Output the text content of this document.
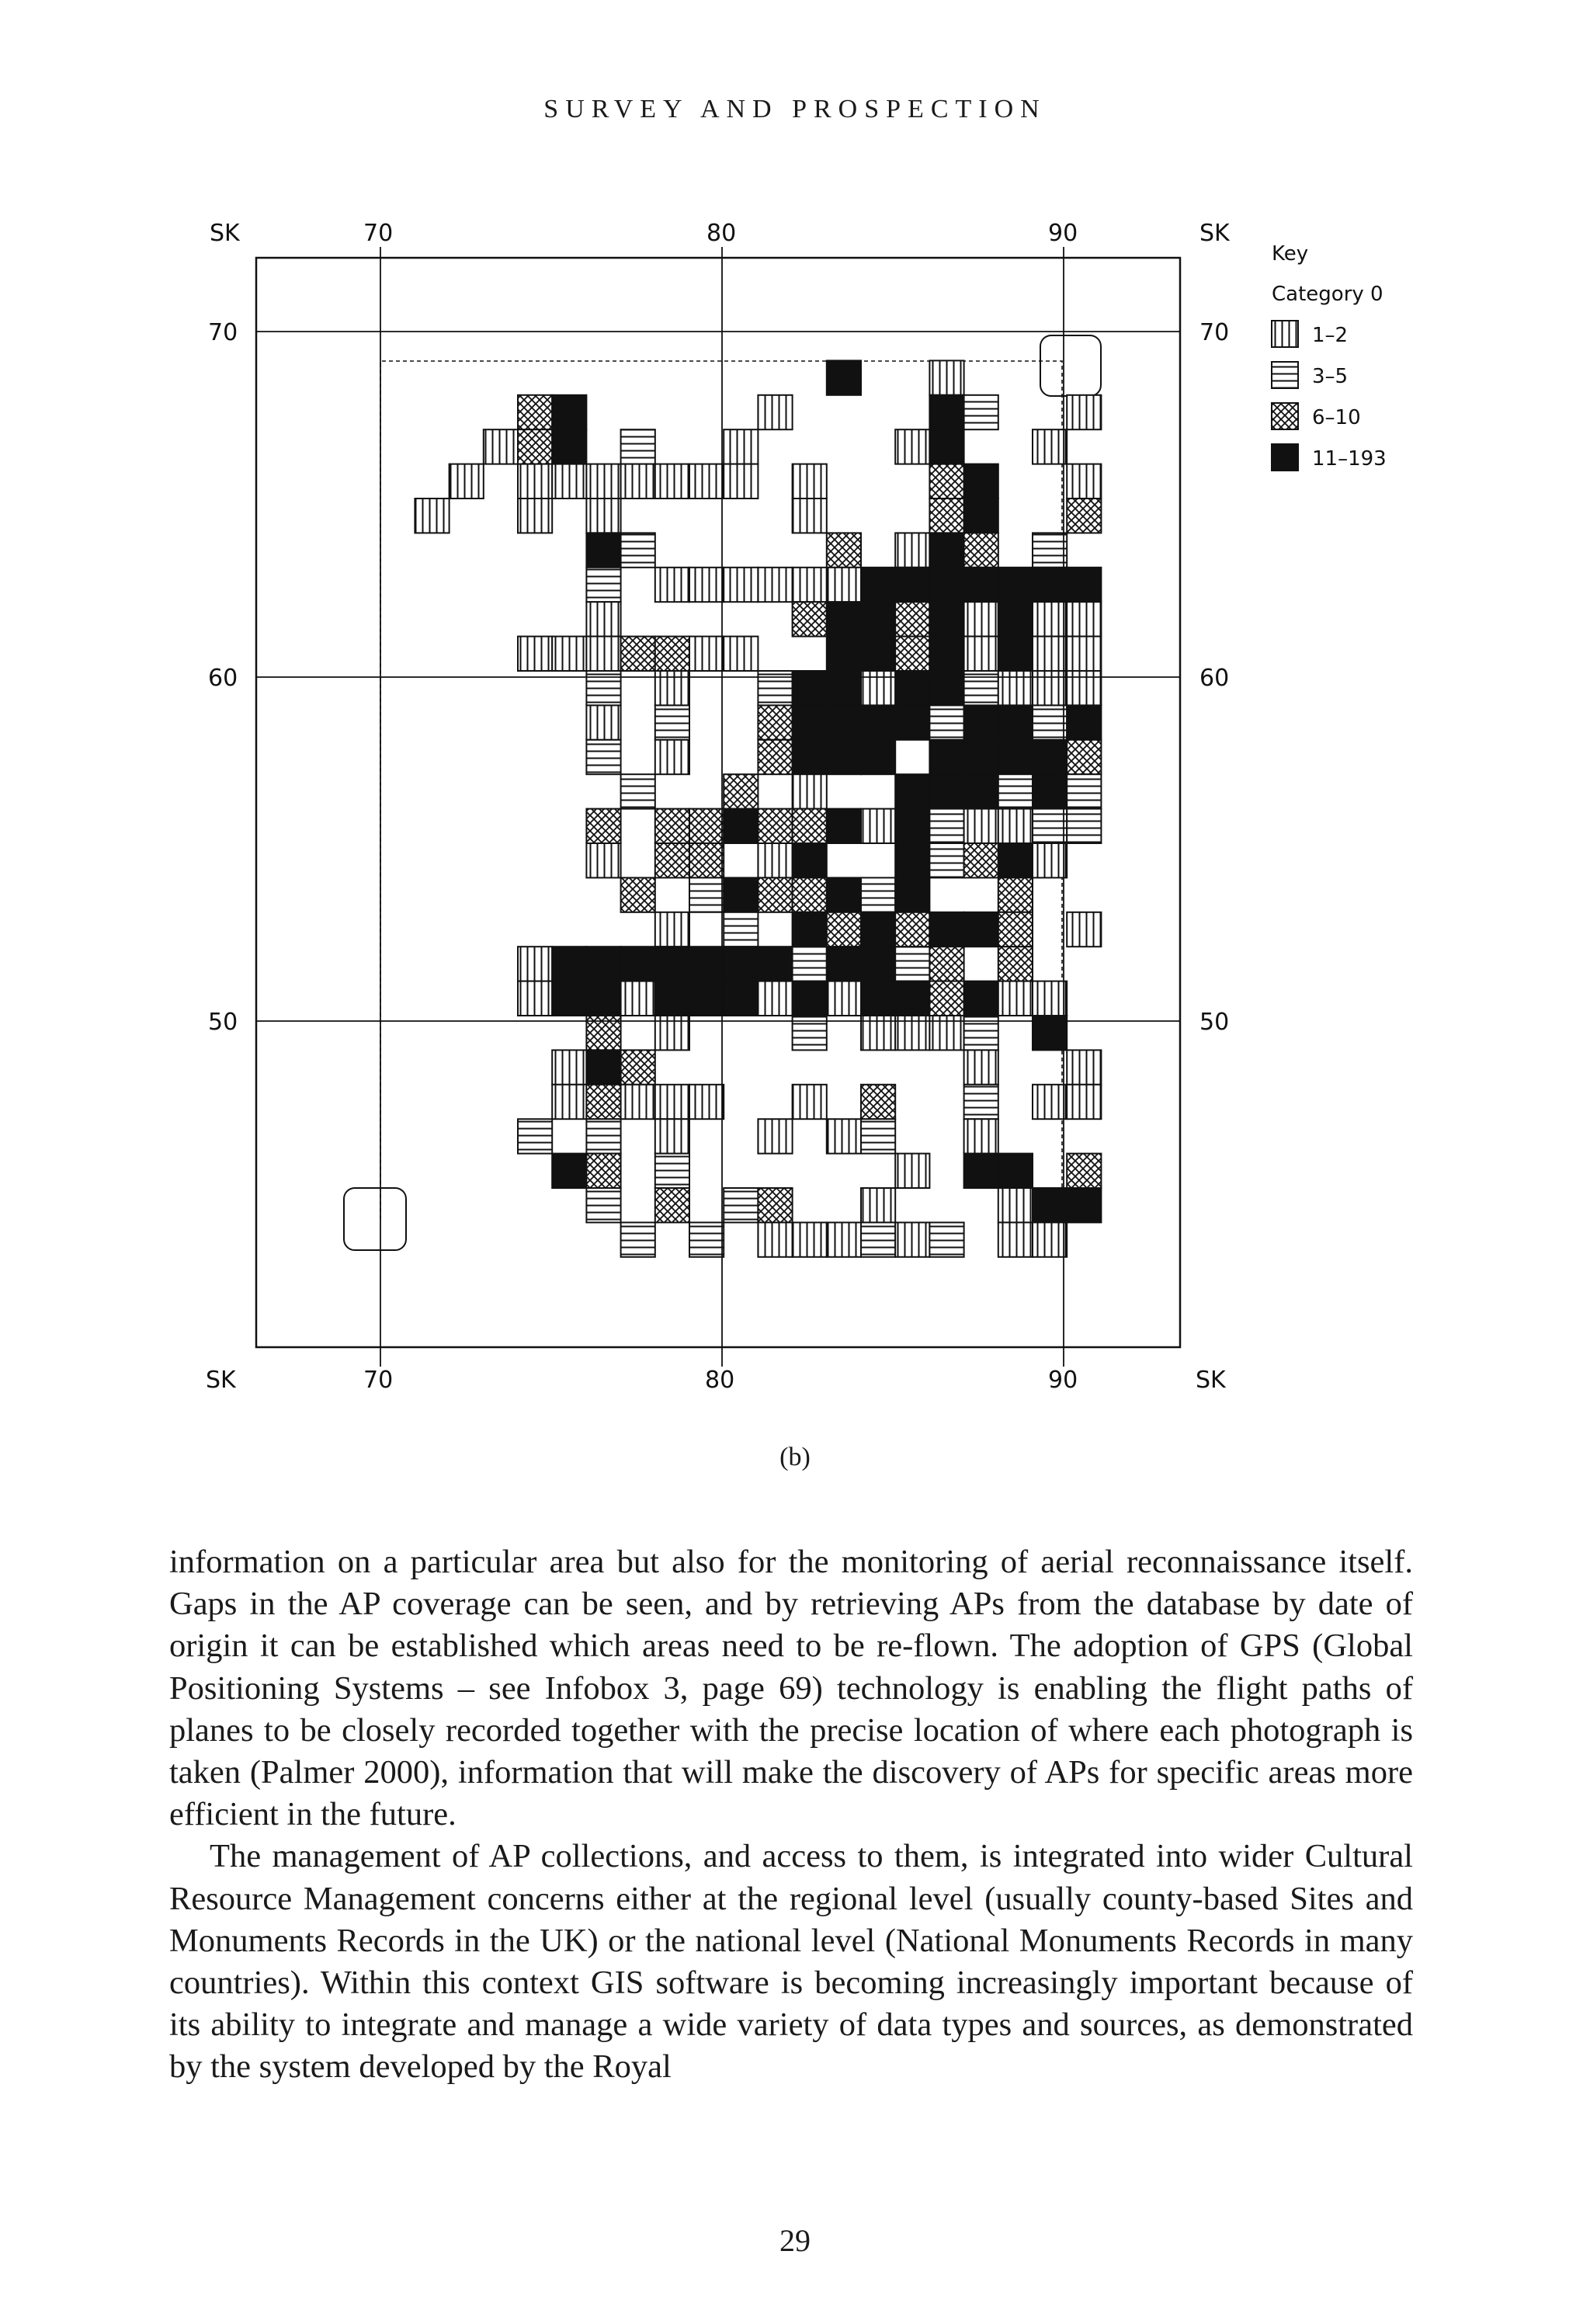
SURVEY AND PROSPECTION
SK	SK
SK	SK
70	80	90
70	80	90
70
60
50
70
60
50
Key
Category 0
1–2
3–5
6–10
11–193
(b)

information on a particular area but also for the monitoring of aerial reconnaissance itself. Gaps in the AP coverage can be seen, and by retrieving APs from the database by date of origin it can be established which areas need to be re-flown. The adoption of GPS (Global Positioning Systems – see Infobox 3, page 69) technology is enabling the flight paths of planes to be closely recorded together with the precise location of where each photograph is taken (Palmer 2000), information that will make the discovery of APs for specific areas more efficient in the future.

The management of AP collections, and access to them, is integrated into wider Cultural Resource Management concerns either at the regional level (usually county-based Sites and Monuments Records in the UK) or the national level (National Monuments Records in many countries). Within this context GIS software is becoming increasingly important because of its ability to integrate and manage a wide variety of data types and sources, as demonstrated by the system developed by the Royal

29
